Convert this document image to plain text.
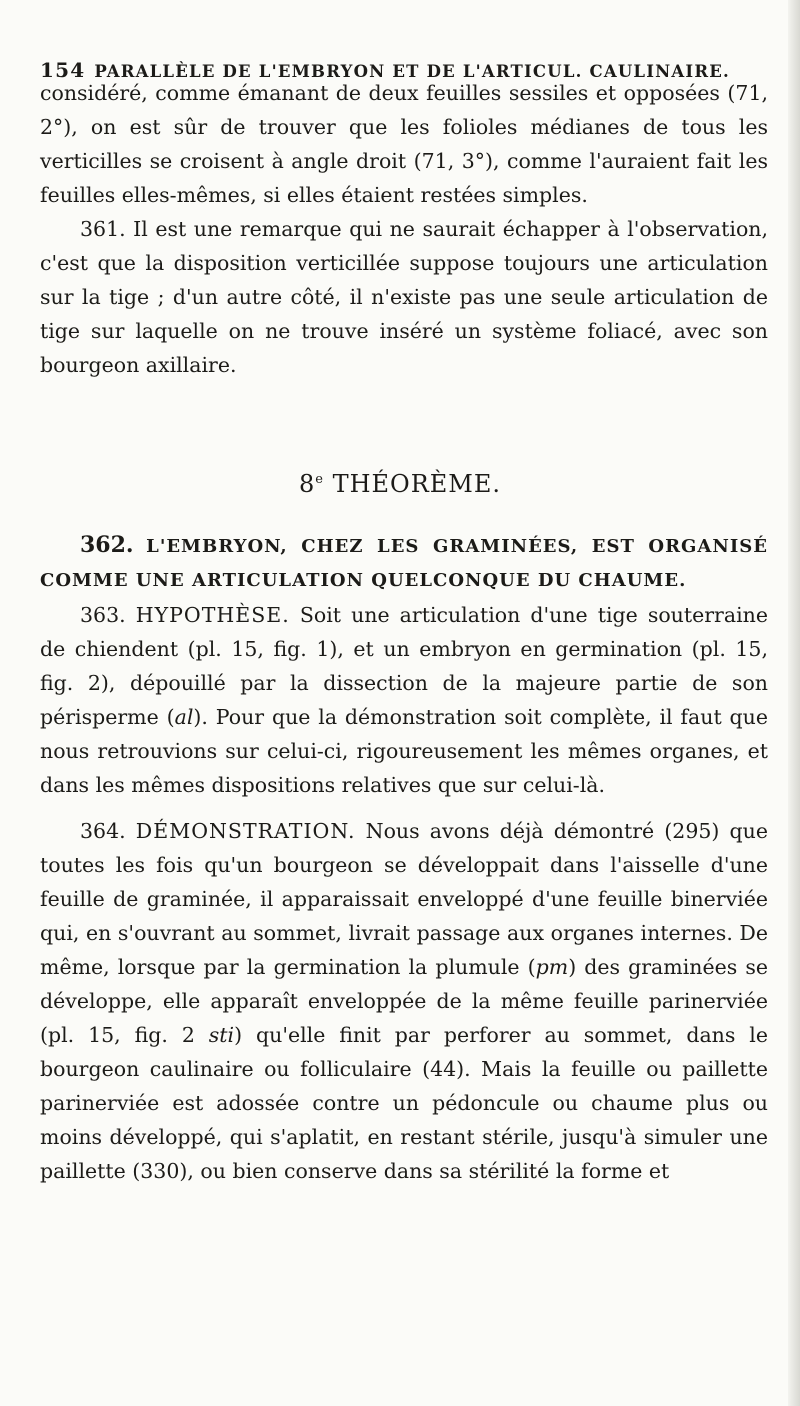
154 PARALLÈLE DE L'EMBRYON ET DE L'ARTICUL. CAULINAIRE.

considéré, comme émanant de deux feuilles sessiles et opposées (71, 2°), on est sûr de trouver que les folioles médianes de tous les verticilles se croisent à angle droit (71, 3°), comme l'auraient fait les feuilles elles-mêmes, si elles étaient restées simples.

361. Il est une remarque qui ne saurait échapper à l'observation, c'est que la disposition verticillée suppose toujours une articulation sur la tige ; d'un autre côté, il n'existe pas une seule articulation de tige sur laquelle on ne trouve inséré un système foliacé, avec son bourgeon axillaire.

8e THÉORÈME.
362. L'EMBRYON, CHEZ LES GRAMINÉES, EST ORGANISÉ COMME UNE ARTICULATION QUELCONQUE DU CHAUME.

363. HYPOTHÈSE. Soit une articulation d'une tige souterraine de chiendent (pl. 15, fig. 1), et un embryon en germination (pl. 15, fig. 2), dépouillé par la dissection de la majeure partie de son périsperme (al). Pour que la démonstration soit complète, il faut que nous retrouvions sur celui-ci, rigoureusement les mêmes organes, et dans les mêmes dispositions relatives que sur celui-là.

364. DÉMONSTRATION. Nous avons déjà démontré (295) que toutes les fois qu'un bourgeon se développait dans l'aisselle d'une feuille de graminée, il apparaissait enveloppé d'une feuille binerviée qui, en s'ouvrant au sommet, livrait passage aux organes internes. De même, lorsque par la germination la plumule (pm) des graminées se développe, elle apparaît enveloppée de la même feuille parinerviée (pl. 15, fig. 2 sti) qu'elle finit par perforer au sommet, dans le bourgeon caulinaire ou folliculaire (44). Mais la feuille ou paillette parinerviée est adossée contre un pédoncule ou chaume plus ou moins développé, qui s'aplatit, en restant stérile, jusqu'à simuler une paillette (330), ou bien conserve dans sa stérilité la forme et
